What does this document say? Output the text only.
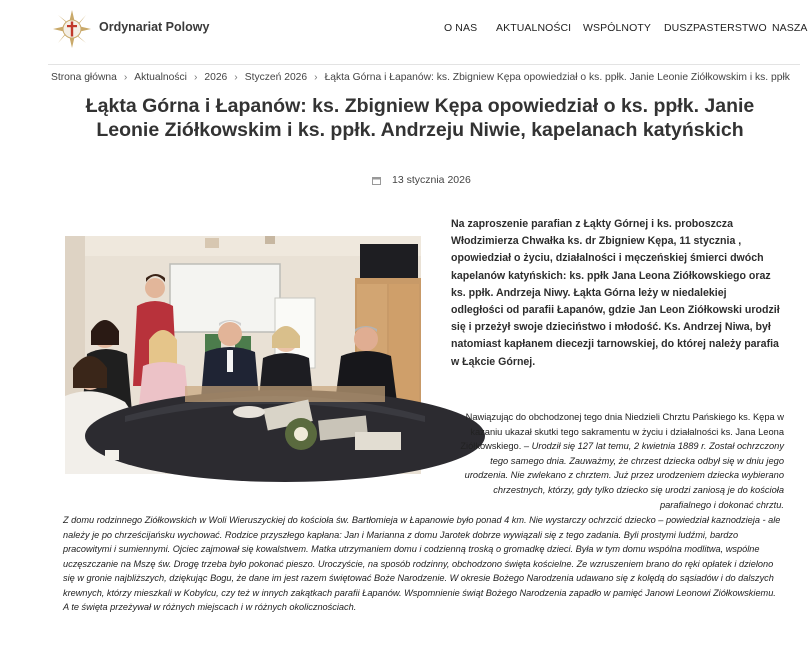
Ordynariat Polowy	O NAS AKTUALNOŚCI WSPÓLNOTY DUSZPASTERSTWO NASZA
Strona główna › Aktualności › 2026 › Styczeń 2026 › Łąkta Górna i Łapanów: ks. Zbigniew Kępa opowiedział o ks. ppłk. Janie Leonie Ziółkowskim i ks. ppłk
Łąkta Górna i Łapanów: ks. Zbigniew Kępa opowiedział o ks. ppłk. Janie Leonie Ziółkowskim i ks. ppłk. Andrzeju Niwie, kapelanach katyńskich
13 stycznia 2026
Na zaproszenie parafian z Łąkty Górnej i ks. proboszcza Włodzimierza Chwałka ks. dr Zbigniew Kępa, 11 stycznia , opowiedział o życiu, działalności i męczeńskiej śmierci dwóch kapelanów katyńskich: ks. ppłk Jana Leona Ziółkowskiego oraz ks. ppłk. Andrzeja Niwy. Łąkta Górna leży w niedalekiej odległości od parafii Łapanów, gdzie Jan Leon Ziółkowski urodził się i przeżył swoje dzieciństwo i młodość. Ks. Andrzej Niwa, był natomiast kapłanem diecezji tarnowskiej, do której należy parafia w Łąkcie Górnej.
Nawiązując do obchodzonej tego dnia Niedzieli Chrztu Pańskiego ks. Kępa w kazaniu ukazał skutki tego sakramentu w życiu i działalności ks. Jana Leona Ziółkowskiego. – Urodził się 127 lat temu, 2 kwietnia 1889 r. Został ochrzczony tego samego dnia. Zauważmy, że chrzest dziecka odbył się w dniu jego urodzenia. Nie zwlekano z chrztem. Już przez urodzeniem dziecka wybierano chrzestnych, którzy, gdy tylko dziecko się urodzi zaniosą je do kościoła parafialnego i dokonać chrztu.
Z domu rodzinnego Ziółkowskich w Woli Wieruszyckiej do kościoła św. Bartłomieja w Łapanowie było ponad 4 km. Nie wystarczy ochrzcić dziecko – powiedział kaznodzieja - ale należy je po chrześcijańsku wychować. Rodzice przyszłego kapłana: Jan i Marianna z domu Jarotek dobrze wywiązali się z tego zadania. Byli prostymi ludźmi, bardzo pracowitymi i sumiennymi. Ojciec zajmował się kowalstwem. Matka utrzymaniem domu i codzienną troską o gromadkę dzieci. Była w tym domu wspólna modlitwa, wspólne uczęszczanie na Mszę św. Drogę trzeba było pokonać pieszo. Uroczyście, na sposób rodzinny, obchodzono święta kościelne. Ze wzruszeniem brano do ręki opłatek i dzielono się w gronie najbliższych, dziękując Bogu, że dane im jest razem świętować Boże Narodzenie. W okresie Bożego Narodzenia udawano się z kolędą do sąsiadów i do dalszych krewnych, którzy mieszkali w Kobylcu, czy też w innych zakątkach parafii Łapanów. Wspomnienie świąt Bożego Narodzenia zapadło w pamięć Janowi Leonowi Ziółkowskiemu. A te święta przeżywał w różnych miejscach i w różnych okolicznościach.
